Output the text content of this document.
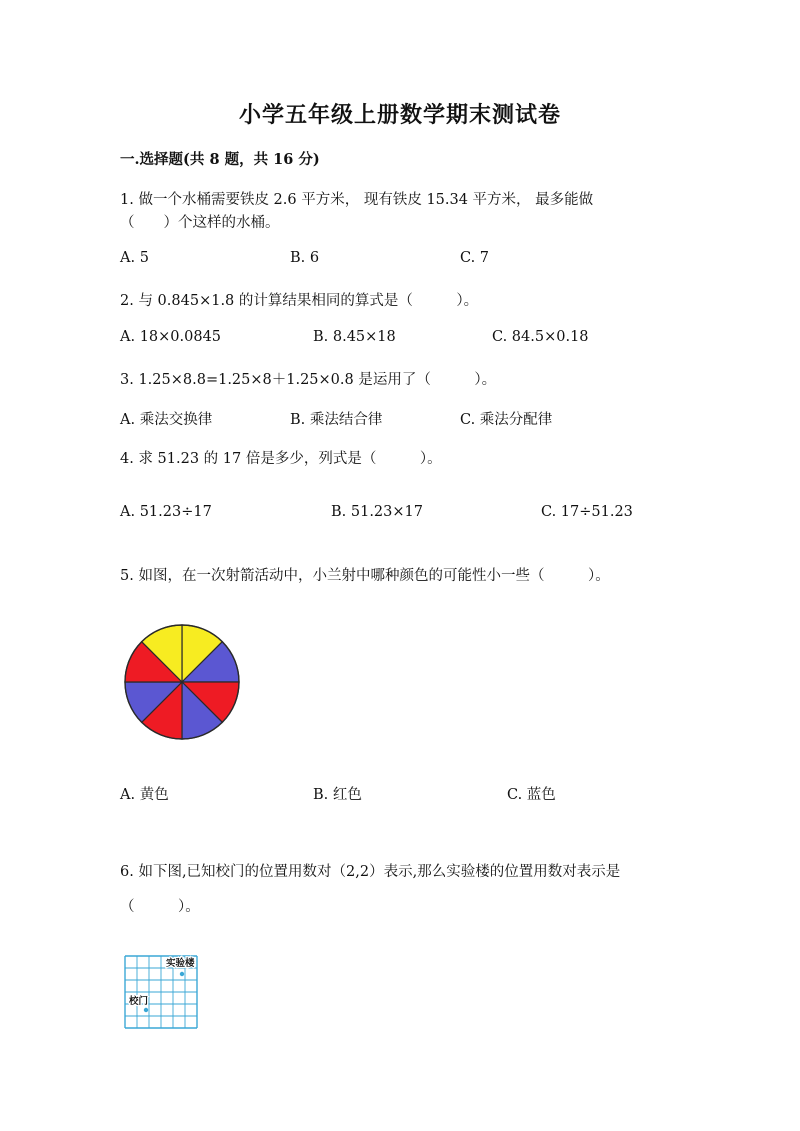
小学五年级上册数学期末测试卷
一.选择题(共 8 题，共 16 分)
1. 做一个水桶需要铁皮 2.6 平方米， 现有铁皮 15.34 平方米， 最多能做
（　　）个这样的水桶。
A. 5	B. 6	C. 7
2. 与 0.845×1.8 的计算结果相同的算式是（　　　）。
A. 18×0.0845	B. 8.45×18	C. 84.5×0.18
3. 1.25×8.8=1.25×8＋1.25×0.8 是运用了（　　　）。
A. 乘法交换律	B. 乘法结合律	C. 乘法分配律
4. 求 51.23 的 17 倍是多少，列式是（　　　）。
A. 51.23÷17	B. 51.23×17	C. 17÷51.23
5. 如图，在一次射箭活动中，小兰射中哪种颜色的可能性小一些（　　　）。
A. 黄色	B. 红色	C. 蓝色
6. 如下图,已知校门的位置用数对（2,2）表示,那么实验楼的位置用数对表示是
（　　　）。
实验楼
校门
